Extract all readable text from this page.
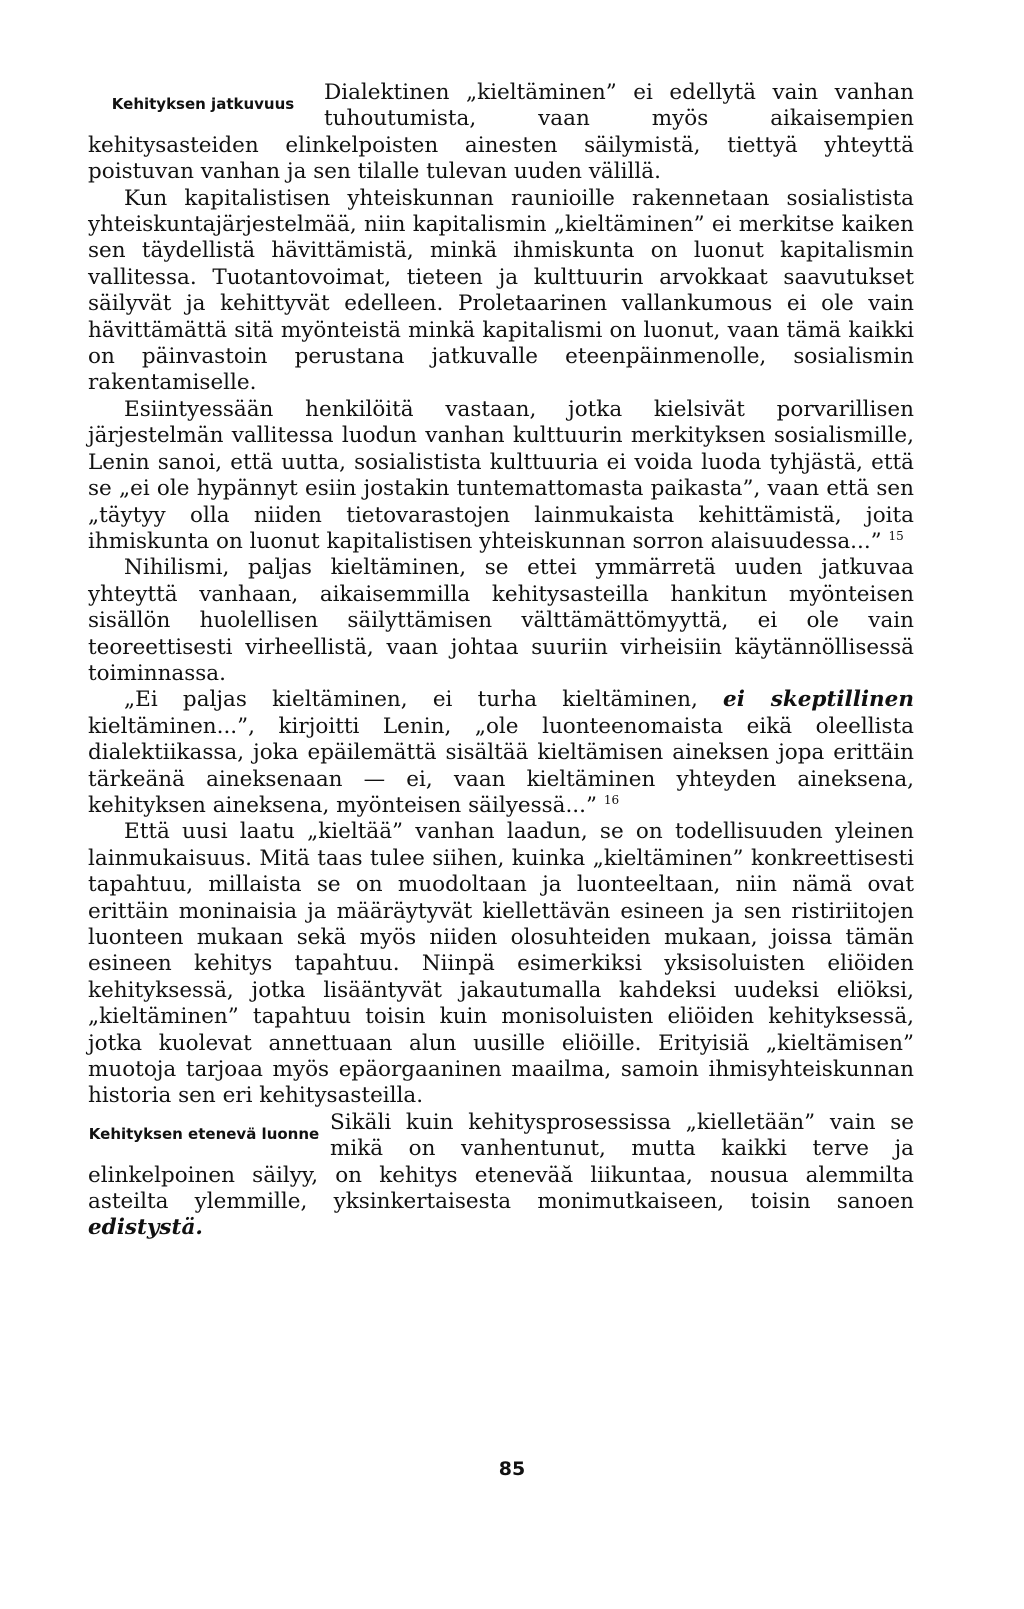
Kehityksen jatkuvuus	Dialektinen „kieltäminen” ei edellytä vain vanhan tuhoutumista, vaan myös aikaisempien kehitysasteiden elinkelpoisten ainesten säilymistä, tiettyä yhteyttä poistuvan vanhan ja sen tilalle tulevan uuden välillä.

Kun kapitalistisen yhteiskunnan raunioille rakennetaan sosialistista yhteiskuntajärjestelmää, niin kapitalismin „kieltäminen” ei merkitse kaiken sen täydellistä hävittämistä, minkä ihmiskunta on luonut kapitalismin vallitessa. Tuotantovoimat, tieteen ja kulttuurin arvokkaat saavutukset säilyvät ja kehittyvät edelleen. Proletaarinen vallankumous ei ole vain hävittämättä sitä myönteistä minkä kapitalismi on luonut, vaan tämä kaikki on päinvastoin perustana jatkuvalle eteenpäinmenolle, sosialismin rakentamiselle.

Esiintyessään henkilöitä vastaan, jotka kielsivät porvarillisen järjestelmän vallitessa luodun vanhan kulttuurin merkityksen sosialismille, Lenin sanoi, että uutta, sosialistista kulttuuria ei voida luoda tyhjästä, että se „ei ole hypännyt esiin jostakin tuntemattomasta paikasta”, vaan että sen „täytyy olla niiden tietovarastojen lainmukaista kehittämistä, joita ihmiskunta on luonut kapitalistisen yhteiskunnan sorron alaisuudessa...” $^{15}$

Nihilismi, paljas kieltäminen, se ettei ymmärretä uuden jatkuvaa yhteyttä vanhaan, aikaisemmilla kehitysasteilla hankitun myönteisen sisällön huolellisen säilyttämisen välttämättömyyttä, ei ole vain teoreettisesti virheellistä, vaan johtaa suuriin virheisiin käytännöllisessä toiminnassa.

„Ei paljas kieltäminen, ei turha kieltäminen, ei skeptillinen kieltäminen...”, kirjoitti Lenin, „ole luonteenomaista eikä oleellista dialektiikassa, joka epäilemättä sisältää kieltämisen aineksen jopa erittäin tärkeänä aineksenaan — ei, vaan kieltäminen yhteyden aineksena, kehityksen aineksena, myönteisen säilyessä...” $^{16}$

Että uusi laatu „kieltää” vanhan laadun, se on todellisuuden yleinen lainmukaisuus. Mitä taas tulee siihen, kuinka „kieltäminen” konkreettisesti tapahtuu, millaista se on muodoltaan ja luonteeltaan, niin nämä ovat erittäin moninaisia ja määräytyvät kiellettävän esineen ja sen ristiriitojen luonteen mukaan sekä myös niiden olosuhteiden mukaan, joissa tämän esineen kehitys tapahtuu. Niinpä esimerkiksi yksisoluisten eliöiden kehityksessä, jotka lisääntyvät jakautumalla kahdeksi uudeksi eliöksi, „kieltäminen” tapahtuu toisin kuin monisoluisten eliöiden kehityksessä, jotka kuolevat annettuaan alun uusille eliöille. Erityisiä „kieltämisen” muotoja tarjoaa myös epäorgaaninen maailma, samoin ihmisyhteiskunnan historia sen eri kehitysasteilla.

Kehityksen etenevä luonne Sikäli kuin kehitysprosessissa „kielletään” vain se mikä on vanhentunut, mutta kaikki terve ja elinkelpoinen säilyy, on kehitys eteneväă liikuntaa, nousua alemmilta asteilta ylemmille, yksinkertaisesta monimutkaiseen, toisin sanoen edistystä.

85
